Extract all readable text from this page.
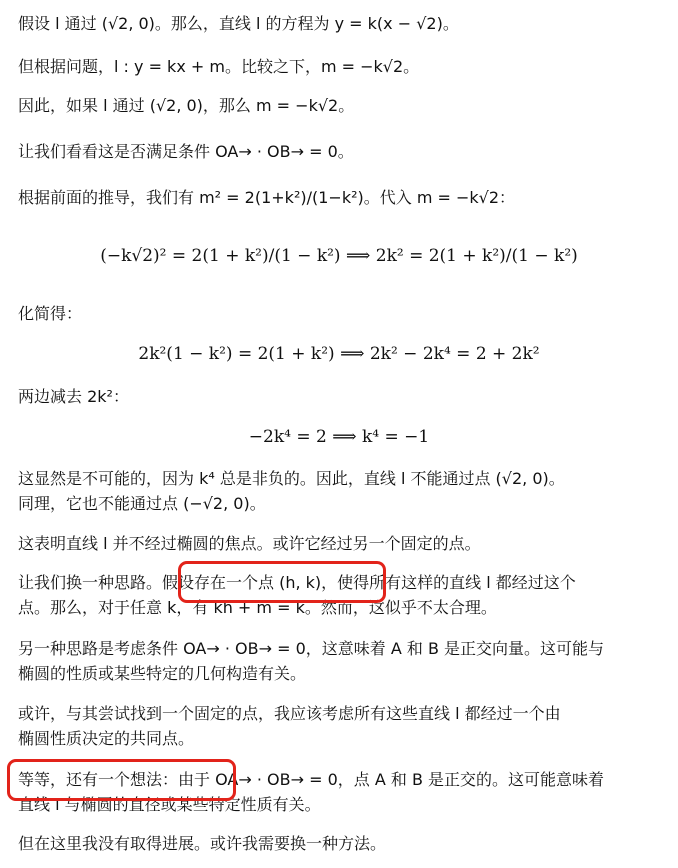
假设 l 通过 (√2, 0)。那么，直线 l 的方程为 y = k(x − √2)。
但根据问题，l : y = kx + m。比较之下，m = −k√2。
因此，如果 l 通过 (√2, 0)，那么 m = −k√2。
让我们看看这是否满足条件 OA→ · OB→ = 0。
根据前面的推导，我们有 m² = 2(1+k²)/(1−k²)。代入 m = −k√2：
(−k√2)² = 2(1 + k²)/(1 − k²) ⟹ 2k² = 2(1 + k²)/(1 − k²)
化简得：
2k²(1 − k²) = 2(1 + k²) ⟹ 2k² − 2k⁴ = 2 + 2k²
两边减去 2k²：
−2k⁴ = 2 ⟹ k⁴ = −1
这显然是不可能的，因为 k⁴ 总是非负的。因此，直线 l 不能通过点 (√2, 0)。
同理，它也不能通过点 (−√2, 0)。
这表明直线 l 并不经过椭圆的焦点。或许它经过另一个固定的点。
让我们换一种思路。假设存在一个点 (h, k)，使得所有这样的直线 l 都经过这个
点。那么，对于任意 k，有 kh + m = k。然而，这似乎不太合理。
另一种思路是考虑条件 OA→ · OB→ = 0，这意味着 A 和 B 是正交向量。这可能与
椭圆的性质或某些特定的几何构造有关。
或许，与其尝试找到一个固定的点，我应该考虑所有这些直线 l 都经过一个由
椭圆性质决定的共同点。
等等，还有一个想法：由于 OA→ · OB→ = 0，点 A 和 B 是正交的。这可能意味着
直线 l 与椭圆的直径或某些特定性质有关。
但在这里我没有取得进展。或许我需要换一种方法。
